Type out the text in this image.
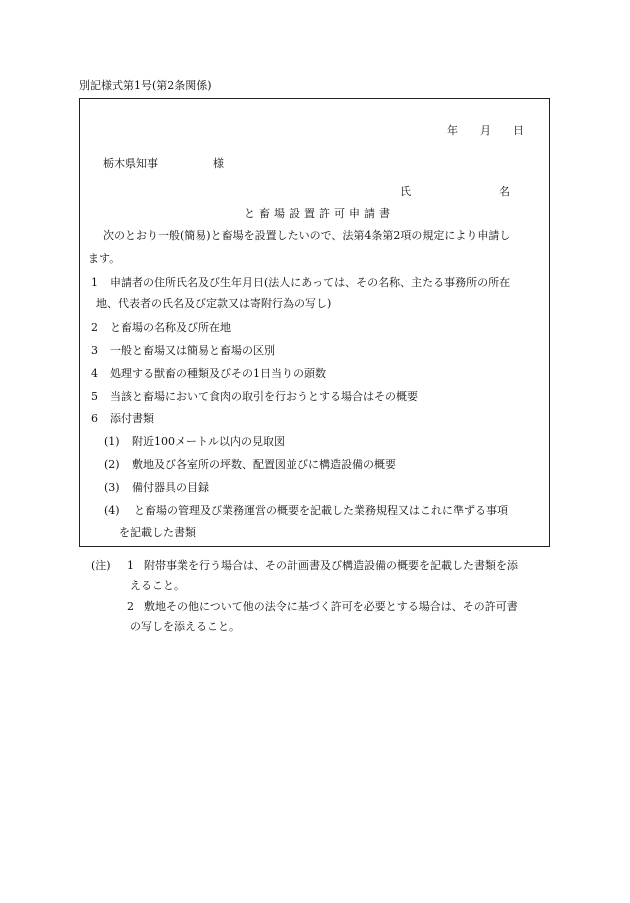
別記様式第1号(第2条関係)
年　　月　　日
栃木県知事　　　　　様
氏　　　　　　　　名
と畜場設置許可申請書
次のとおり一般(簡易)と畜場を設置したいので、法第4条第2項の規定により申請し
ます。
1 申請者の住所氏名及び生年月日(法人にあっては、その名称、主たる事務所の所在
地、代表者の氏名及び定款又は寄附行為の写し)
2 と畜場の名称及び所在地
3 一般と畜場又は簡易と畜場の区別
4 処理する獣畜の種類及びその1日当りの頭数
5 当該と畜場において食肉の取引を行おうとする場合はその概要
6 添付書類
(1) 附近100メートル以内の見取図
(2) 敷地及び各室所の坪数、配置図並びに構造設備の概要
(3) 備付器具の目録
(4) と畜場の管理及び業務運営の概要を記載した業務規程又はこれに準ずる事項
を記載した書類
(注) 1 附帯事業を行う場合は、その計画書及び構造設備の概要を記載した書類を添
えること。
2 敷地その他について他の法令に基づく許可を必要とする場合は、その許可書
の写しを添えること。
